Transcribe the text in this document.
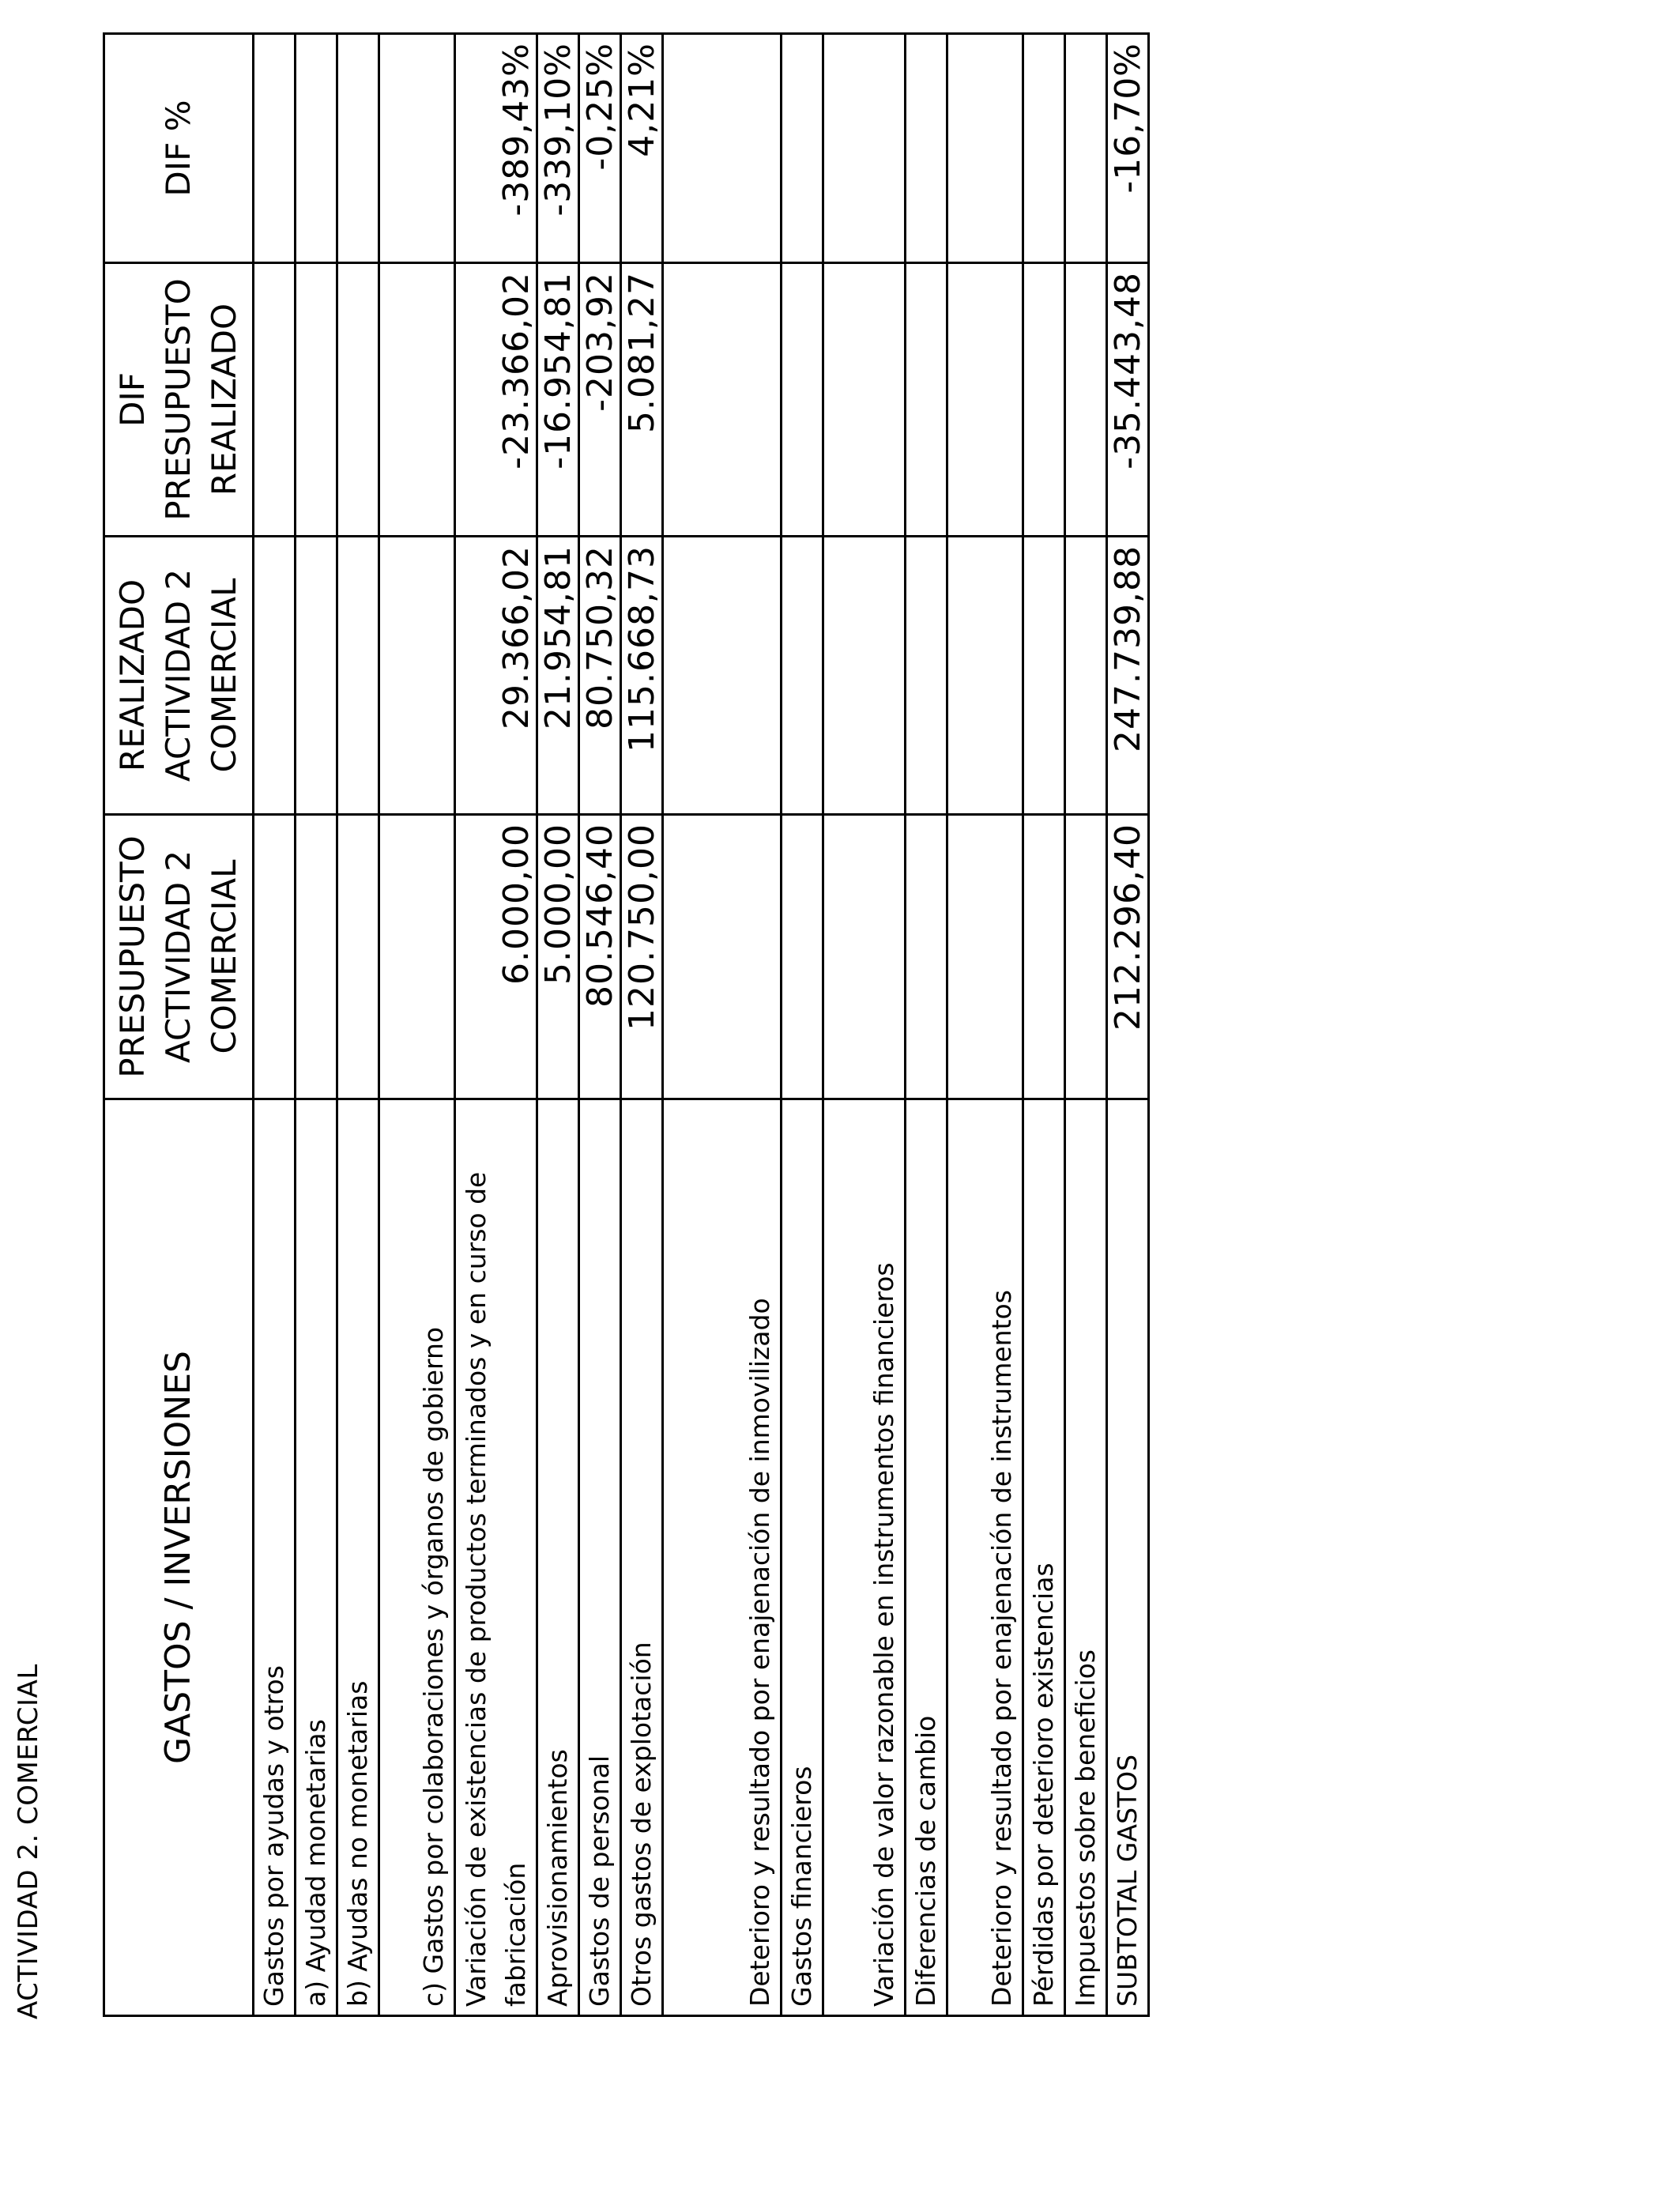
ACTIVIDAD 2. COMERCIAL
GASTOS / INVERSIONES	PRESUPUESTO ACTIVIDAD 2 COMERCIAL	REALIZADO ACTIVIDAD 2 COMERCIAL	DIF PRESUPUESTO REALIZADO	DIF %
Gastos por ayudas y otros				
a) Ayudad monetarias				
b) Ayudas no monetarias				
c) Gastos por colaboraciones y órganos de gobierno				
Variación de existencias de productos terminados y en curso de fabricación	6.000,00	29.366,02	-23.366,02	-389,43%
Aprovisionamientos	5.000,00	21.954,81	-16.954,81	-339,10%
Gastos de personal	80.546,40	80.750,32	-203,92	-0,25%
Otros gastos de explotación	120.750,00	115.668,73	5.081,27	4,21%
Deterioro y resultado por enajenación de inmovilizado				
Gastos financieros				
Variación de valor razonable en instrumentos financieros				
Diferencias de cambio				
Deterioro y resultado por enajenación de instrumentos				
Pérdidas por deterioro existencias				
Impuestos sobre beneficios				
SUBTOTAL GASTOS	212.296,40	247.739,88	-35.443,48	-16,70%
